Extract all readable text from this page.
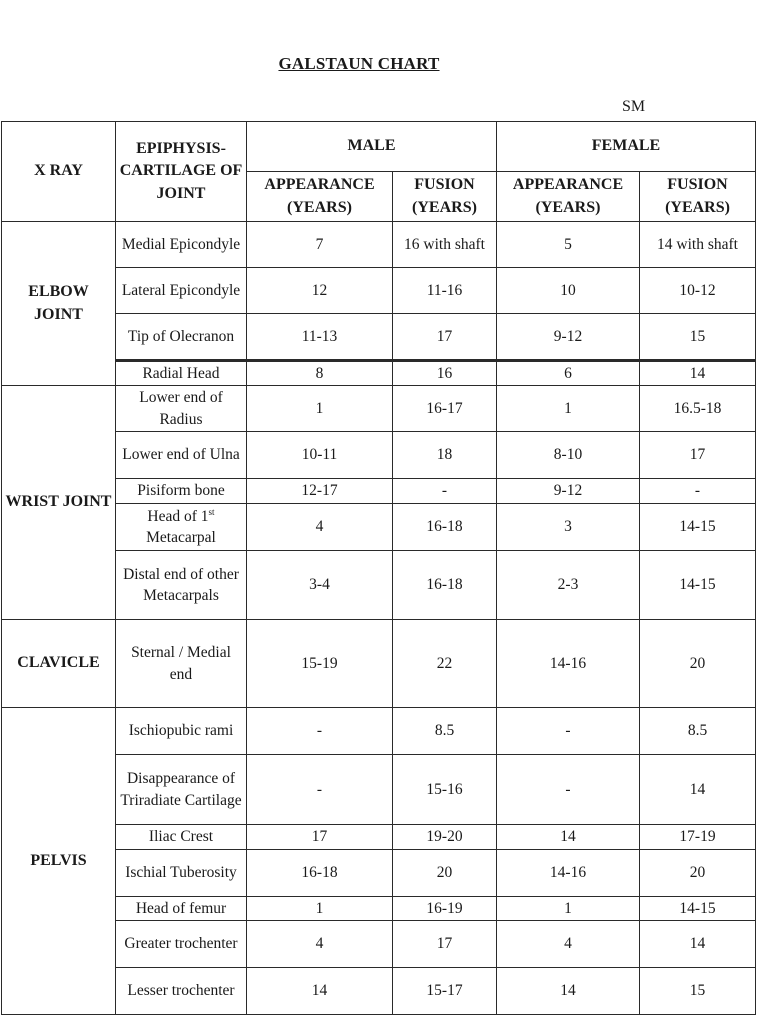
GALSTAUN CHART
SM
X RAY	EPIPHYSIS-CARTILAGE OF JOINT	MALE		FEMALE	
		APPEARANCE (YEARS)	FUSION (YEARS)	APPEARANCE (YEARS)	FUSION (YEARS)
ELBOW JOINT	Medial Epicondyle	7	16 with shaft	5	14 with shaft
	Lateral Epicondyle	12	11-16	10	10-12
	Tip of Olecranon	11-13	17	9-12	15
	Radial Head	8	16	6	14
WRIST JOINT	Lower end of Radius	1	16-17	1	16.5-18
	Lower end of Ulna	10-11	18	8-10	17
	Pisiform bone	12-17	-	9-12	-
	Head of 1st Metacarpal	4	16-18	3	14-15
	Distal end of other Metacarpals	3-4	16-18	2-3	14-15
CLAVICLE	Sternal / Medial end	15-19	22	14-16	20
PELVIS	Ischiopubic rami	-	8.5	-	8.5
	Disappearance of Triradiate Cartilage	-	15-16	-	14
	Iliac Crest	17	19-20	14	17-19
	Ischial Tuberosity	16-18	20	14-16	20
	Head of femur	1	16-19	1	14-15
	Greater trochenter	4	17	4	14
	Lesser trochenter	14	15-17	14	15
